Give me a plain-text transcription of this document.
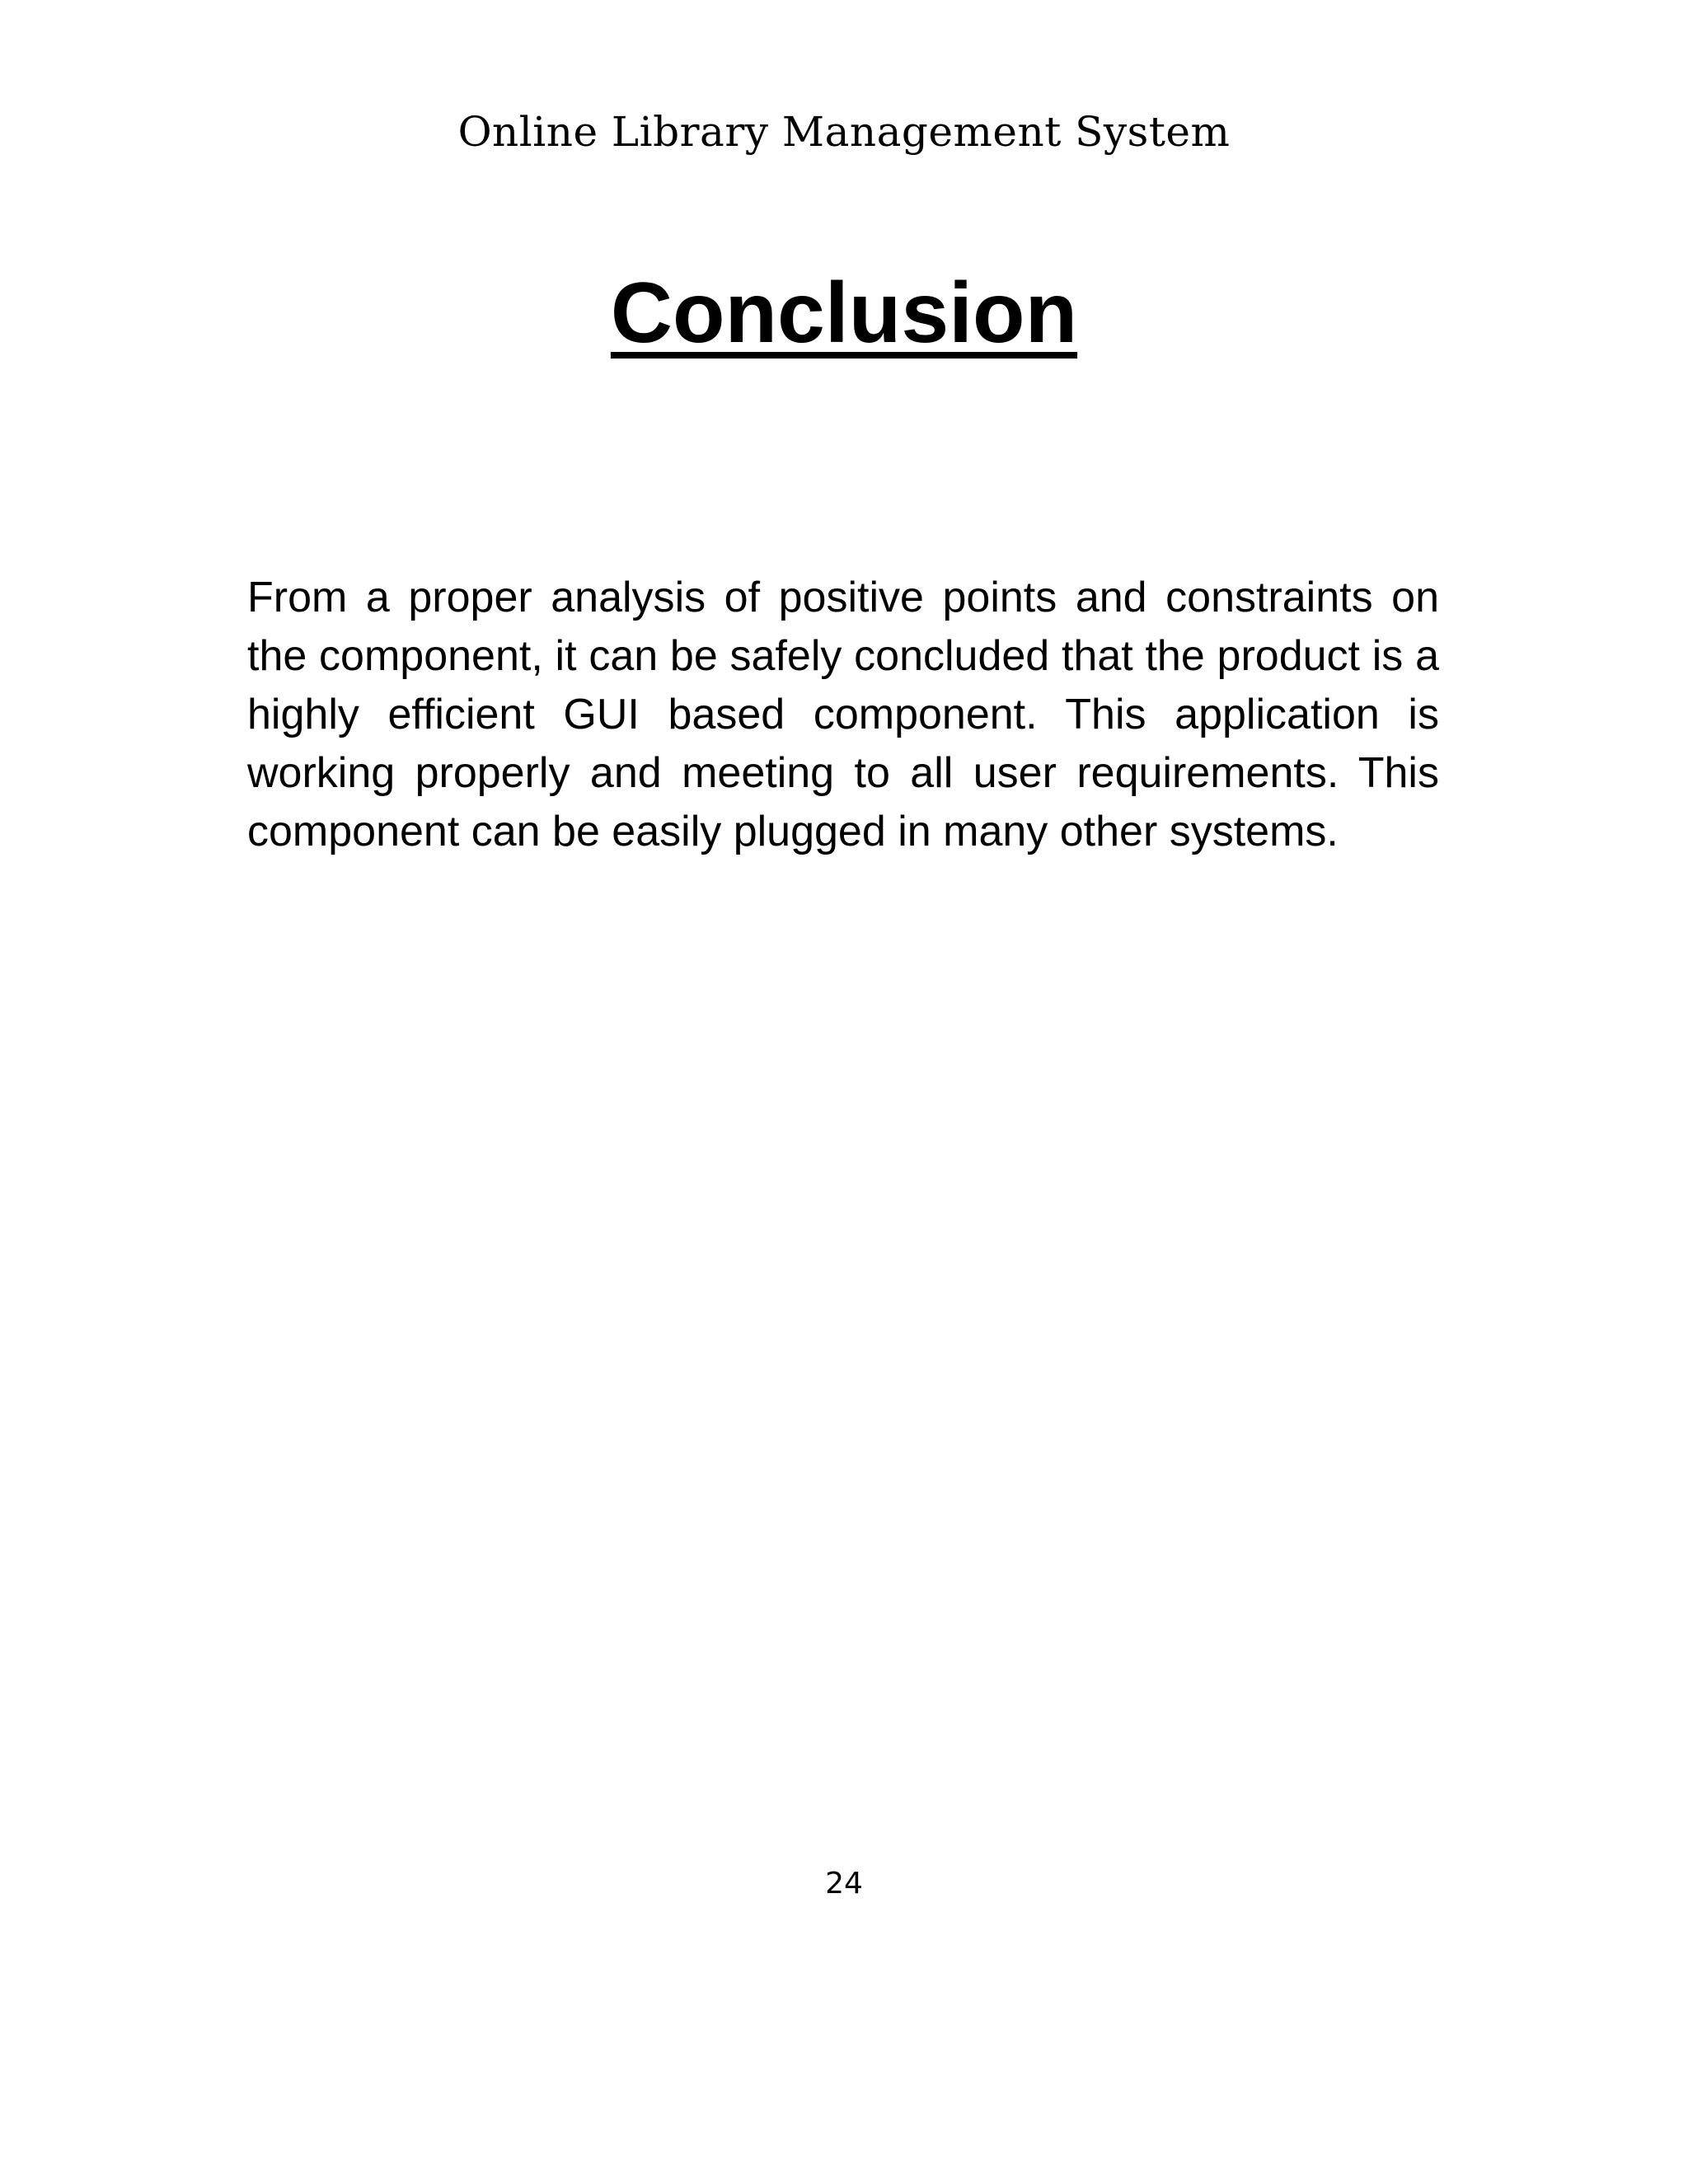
Online Library Management System
Conclusion

From a proper analysis of positive points and constraints on the component, it can be safely concluded that the product is a highly efficient GUI based component. This application is working properly and meeting to all user requirements. This component can be easily plugged in many other systems.

24
